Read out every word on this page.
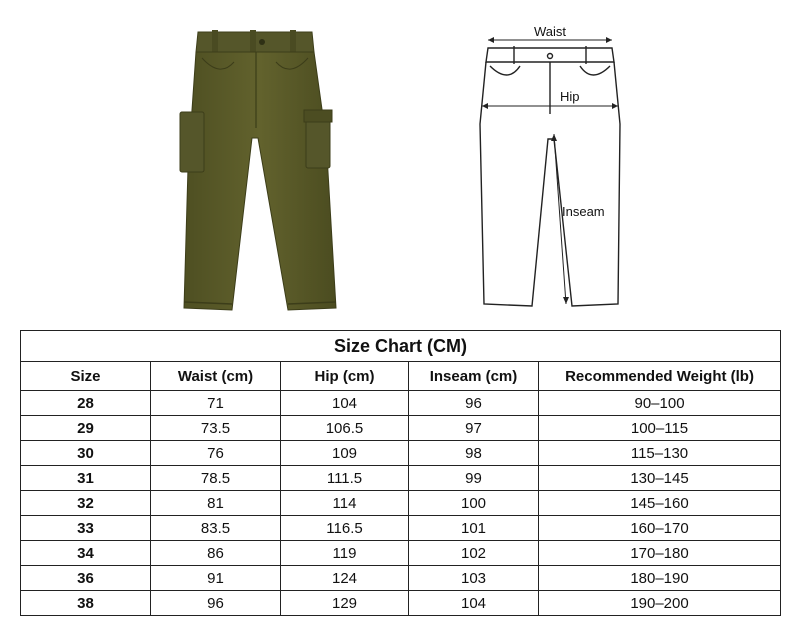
Waist
Hip
Inseam
Size Chart (CM)				
Size	Waist (cm)	Hip (cm)	Inseam (cm)	Recommended Weight (lb)
28	71	104	96	90–100
29	73.5	106.5	97	100–115
30	76	109	98	115–130
31	78.5	111.5	99	130–145
32	81	114	100	145–160
33	83.5	116.5	101	160–170
34	86	119	102	170–180
36	91	124	103	180–190
38	96	129	104	190–200
